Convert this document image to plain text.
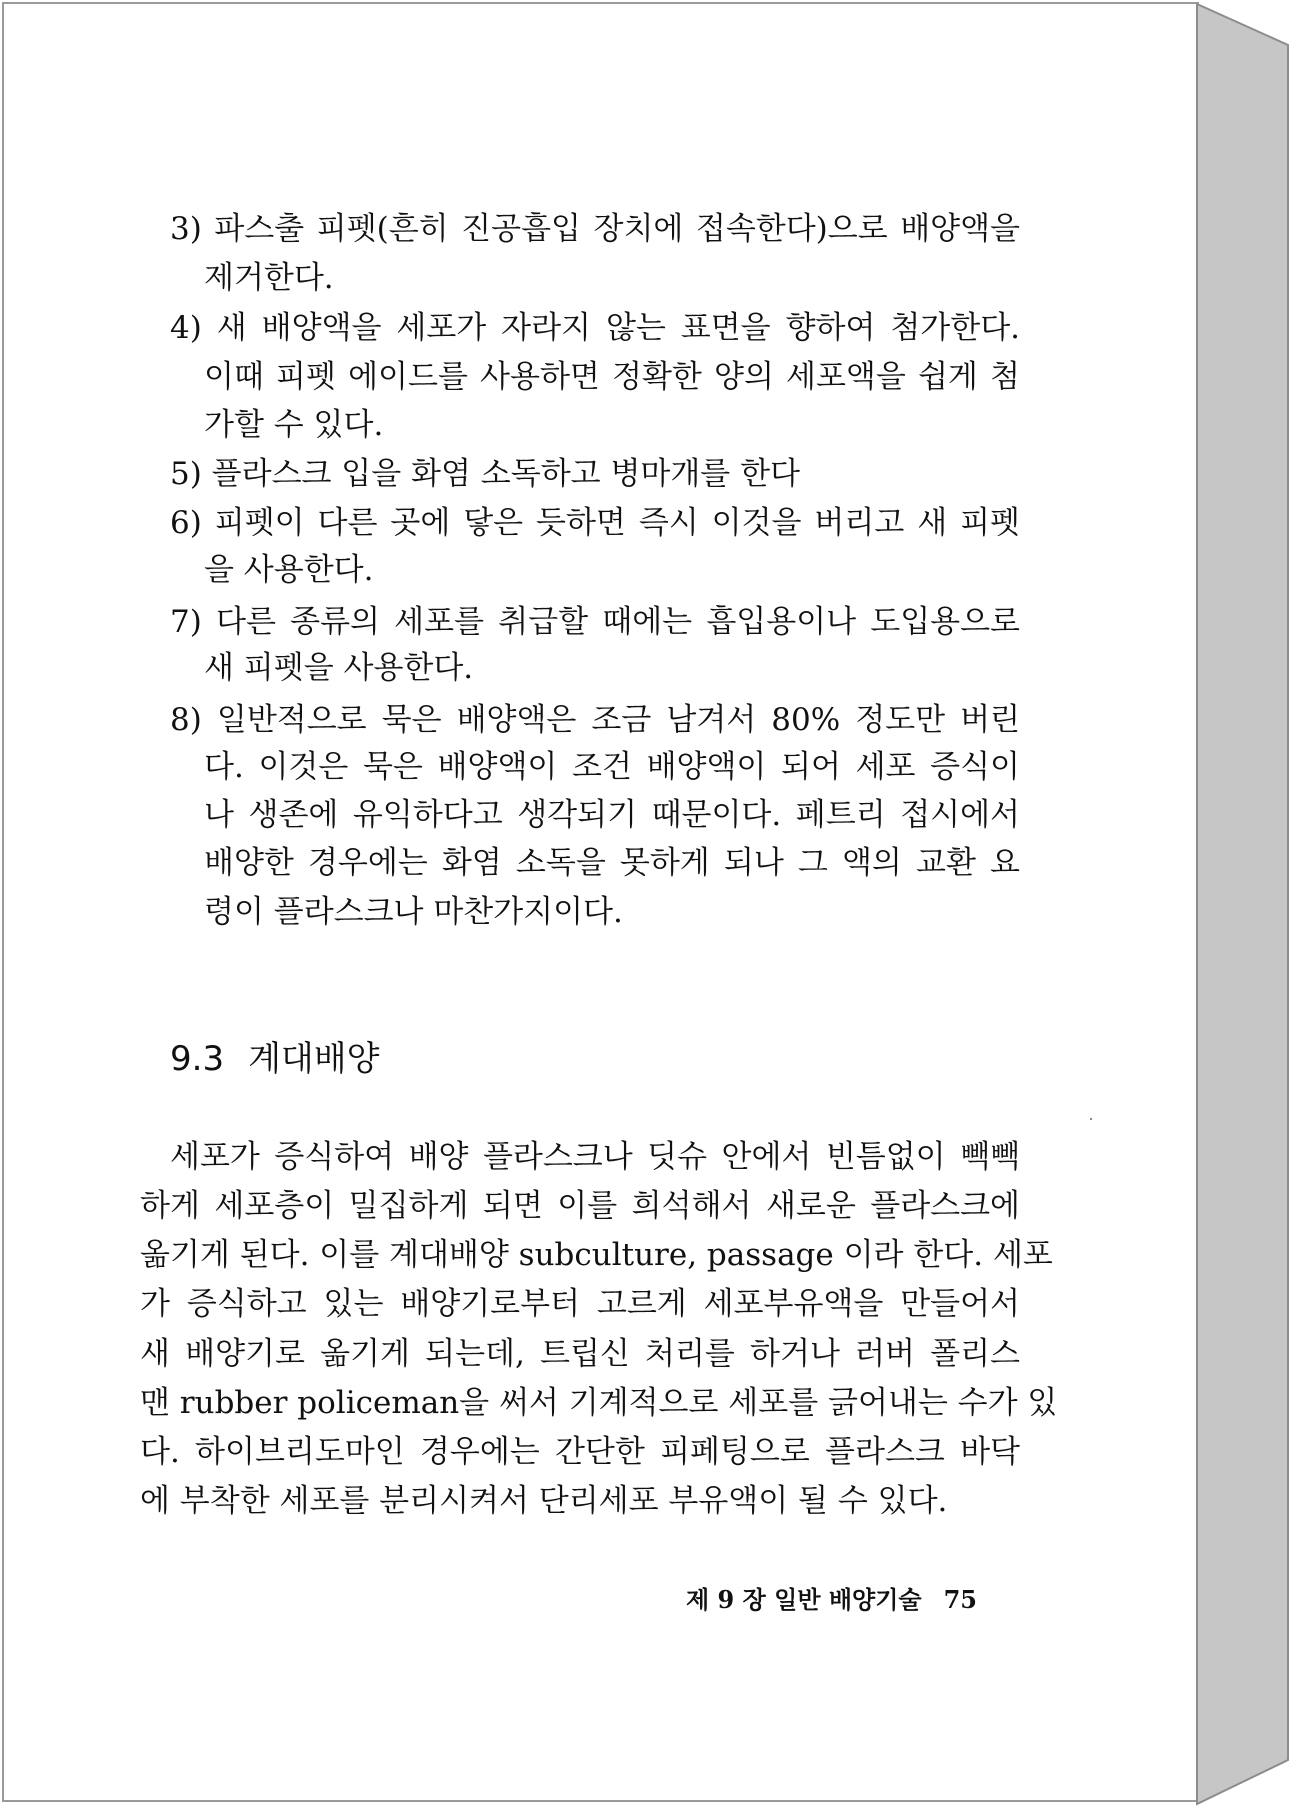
3) 파스출 피펫(흔히 진공흡입 장치에 접속한다)으로 배양액을
제거한다.
4) 새 배양액을 세포가 자라지 않는 표면을 향하여 첨가한다.
이때 피펫 에이드를 사용하면 정확한 양의 세포액을 쉽게 첨
가할 수 있다.
5) 플라스크 입을 화염 소독하고 병마개를 한다
6) 피펫이 다른 곳에 닿은 듯하면 즉시 이것을 버리고 새 피펫
을 사용한다.
7) 다른 종류의 세포를 취급할 때에는 흡입용이나 도입용으로
새 피펫을 사용한다.
8) 일반적으로 묵은 배양액은 조금 남겨서 80% 정도만 버린
다. 이것은 묵은 배양액이 조건 배양액이 되어 세포 증식이
나 생존에 유익하다고 생각되기 때문이다. 페트리 접시에서
배양한 경우에는 화염 소독을 못하게 되나 그 액의 교환 요
령이 플라스크나 마찬가지이다.
9.3 계대배양
세포가 증식하여 배양 플라스크나 딧슈 안에서 빈틈없이 빽빽
하게 세포층이 밀집하게 되면 이를 희석해서 새로운 플라스크에
옮기게 된다. 이를 계대배양 subculture, passage 이라 한다. 세포
가 증식하고 있는 배양기로부터 고르게 세포부유액을 만들어서
새 배양기로 옮기게 되는데, 트립신 처리를 하거나 러버 폴리스
맨 rubber policeman을 써서 기계적으로 세포를 긁어내는 수가 있
다. 하이브리도마인 경우에는 간단한 피페팅으로 플라스크 바닥
에 부착한 세포를 분리시켜서 단리세포 부유액이 될 수 있다.
제 9 장 일반 배양기술 75
